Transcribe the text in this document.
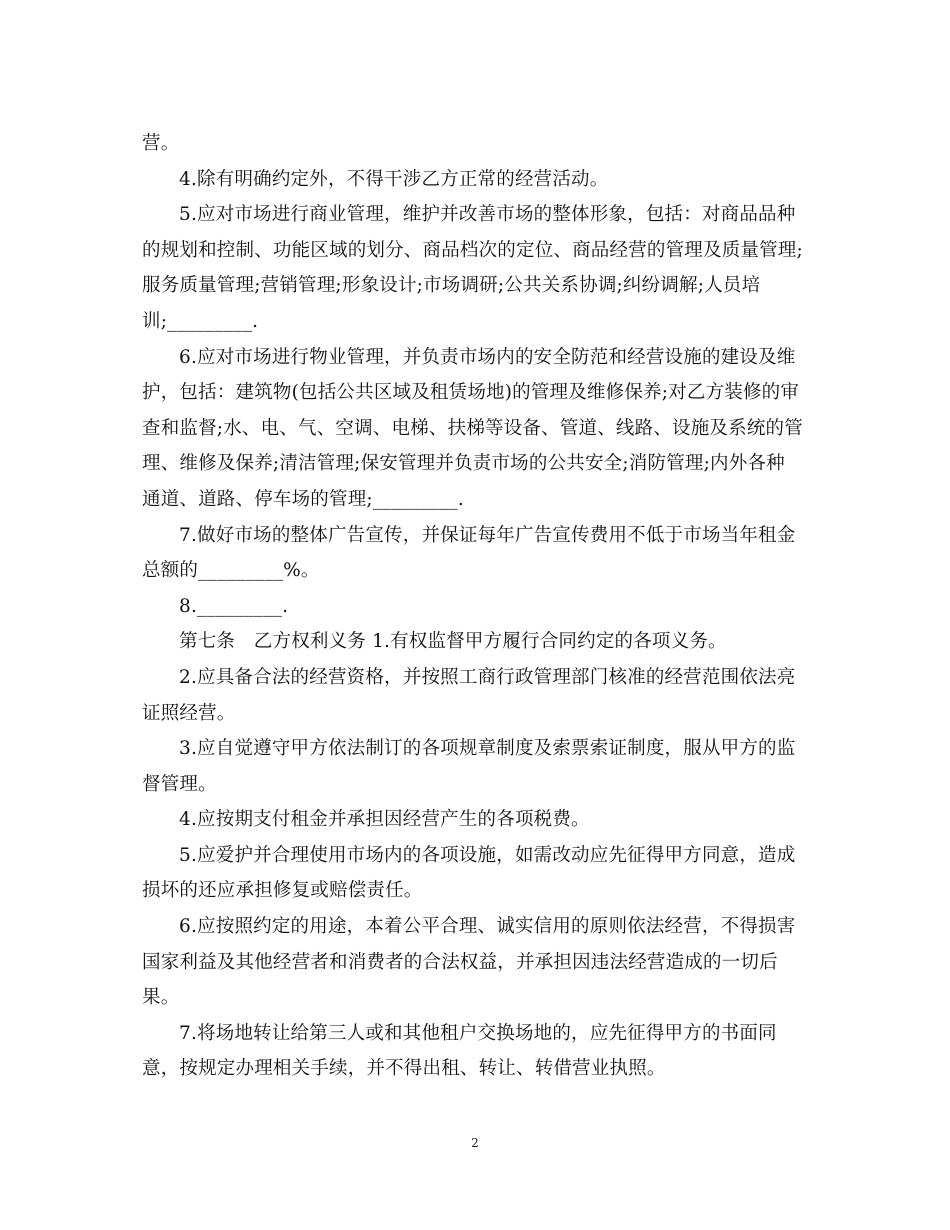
营。
4.除有明确约定外，不得干涉乙方正常的经营活动。
5.应对市场进行商业管理，维护并改善市场的整体形象，包括：对商品品种
的规划和控制、功能区域的划分、商品档次的定位、商品经营的管理及质量管理;
服务质量管理;营销管理;形象设计;市场调研;公共关系协调;纠纷调解;人员培
训;_________.
6.应对市场进行物业管理，并负责市场内的安全防范和经营设施的建设及维
护，包括：建筑物(包括公共区域及租赁场地)的管理及维修保养;对乙方装修的审
查和监督;水、电、气、空调、电梯、扶梯等设备、管道、线路、设施及系统的管
理、维修及保养;清洁管理;保安管理并负责市场的公共安全;消防管理;内外各种
通道、道路、停车场的管理;_________.
7.做好市场的整体广告宣传，并保证每年广告宣传费用不低于市场当年租金
总额的_________%。
8._________.
第七条　乙方权利义务 1.有权监督甲方履行合同约定的各项义务。
2.应具备合法的经营资格，并按照工商行政管理部门核准的经营范围依法亮
证照经营。
3.应自觉遵守甲方依法制订的各项规章制度及索票索证制度，服从甲方的监
督管理。
4.应按期支付租金并承担因经营产生的各项税费。
5.应爱护并合理使用市场内的各项设施，如需改动应先征得甲方同意，造成
损坏的还应承担修复或赔偿责任。
6.应按照约定的用途，本着公平合理、诚实信用的原则依法经营，不得损害
国家利益及其他经营者和消费者的合法权益，并承担因违法经营造成的一切后
果。
7.将场地转让给第三人或和其他租户交换场地的，应先征得甲方的书面同
意，按规定办理相关手续，并不得出租、转让、转借营业执照。
2
